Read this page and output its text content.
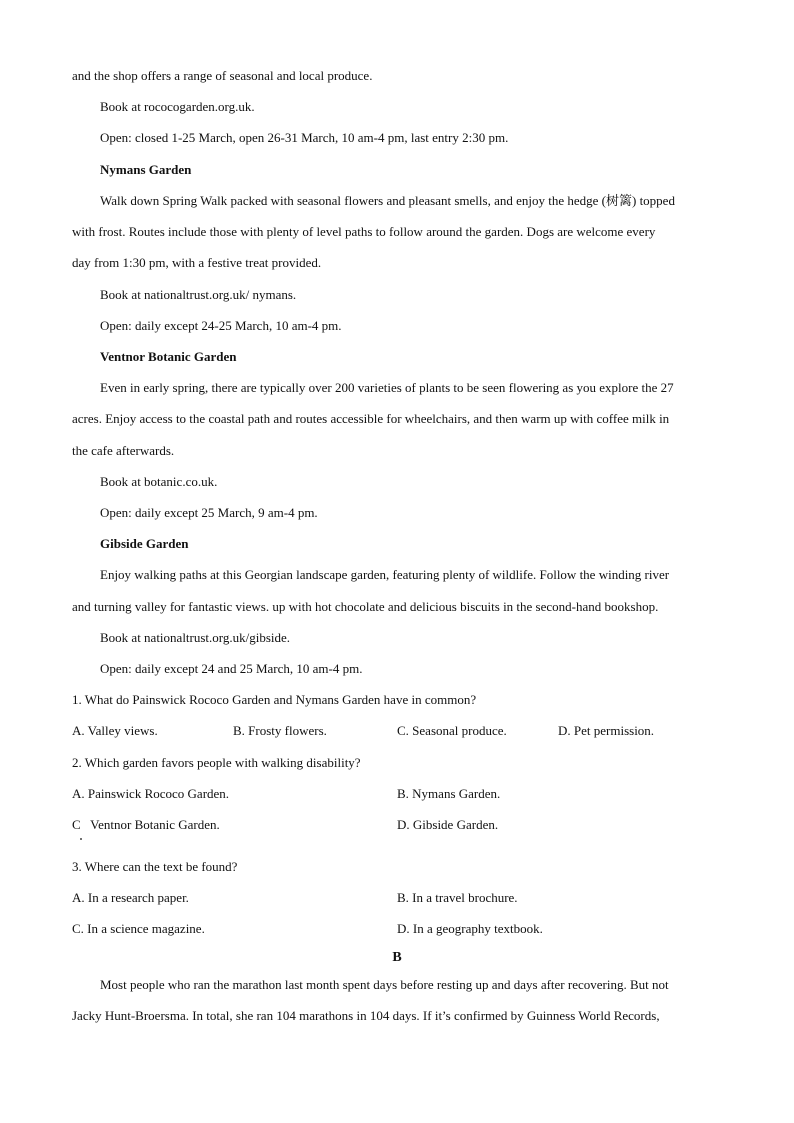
and the shop offers a range of seasonal and local produce.
Book at rococogarden.org.uk.
Open: closed 1-25 March, open 26-31 March, 10 am-4 pm, last entry 2:30 pm.
Nymans Garden
Walk down Spring Walk packed with seasonal flowers and pleasant smells, and enjoy the hedge (树篱) topped
with frost. Routes include those with plenty of level paths to follow around the garden. Dogs are welcome every
day from 1:30 pm, with a festive treat provided.
Book at nationaltrust.org.uk/ nymans.
Open: daily except 24-25 March, 10 am-4 pm.
Ventnor Botanic Garden
Even in early spring, there are typically over 200 varieties of plants to be seen flowering as you explore the 27
acres. Enjoy access to the coastal path and routes accessible for wheelchairs, and then warm up with coffee milk in
the cafe afterwards.
Book at botanic.co.uk.
Open: daily except 25 March, 9 am-4 pm.
Gibside Garden
Enjoy walking paths at this Georgian landscape garden, featuring plenty of wildlife. Follow the winding river
and turning valley for fantastic views. up with hot chocolate and delicious biscuits in the second-hand bookshop.
Book at nationaltrust.org.uk/gibside.
Open: daily except 24 and 25 March, 10 am-4 pm.
1. What do Painswick Rococo Garden and Nymans Garden have in common?
A. Valley views.	B. Frosty flowers.	C. Seasonal produce.	D. Pet permission.
2. Which garden favors people with walking disability?
A. Painswick Rococo Garden.	B. Nymans Garden.
C   Ventnor Botanic Garden.	D. Gibside Garden.
3. Where can the text be found?
A. In a research paper.	B. In a travel brochure.
C. In a science magazine.	D. In a geography textbook.
B
Most people who ran the marathon last month spent days before resting up and days after recovering. But not
Jacky Hunt-Broersma. In total, she ran 104 marathons in 104 days. If it’s confirmed by Guinness World Records,
